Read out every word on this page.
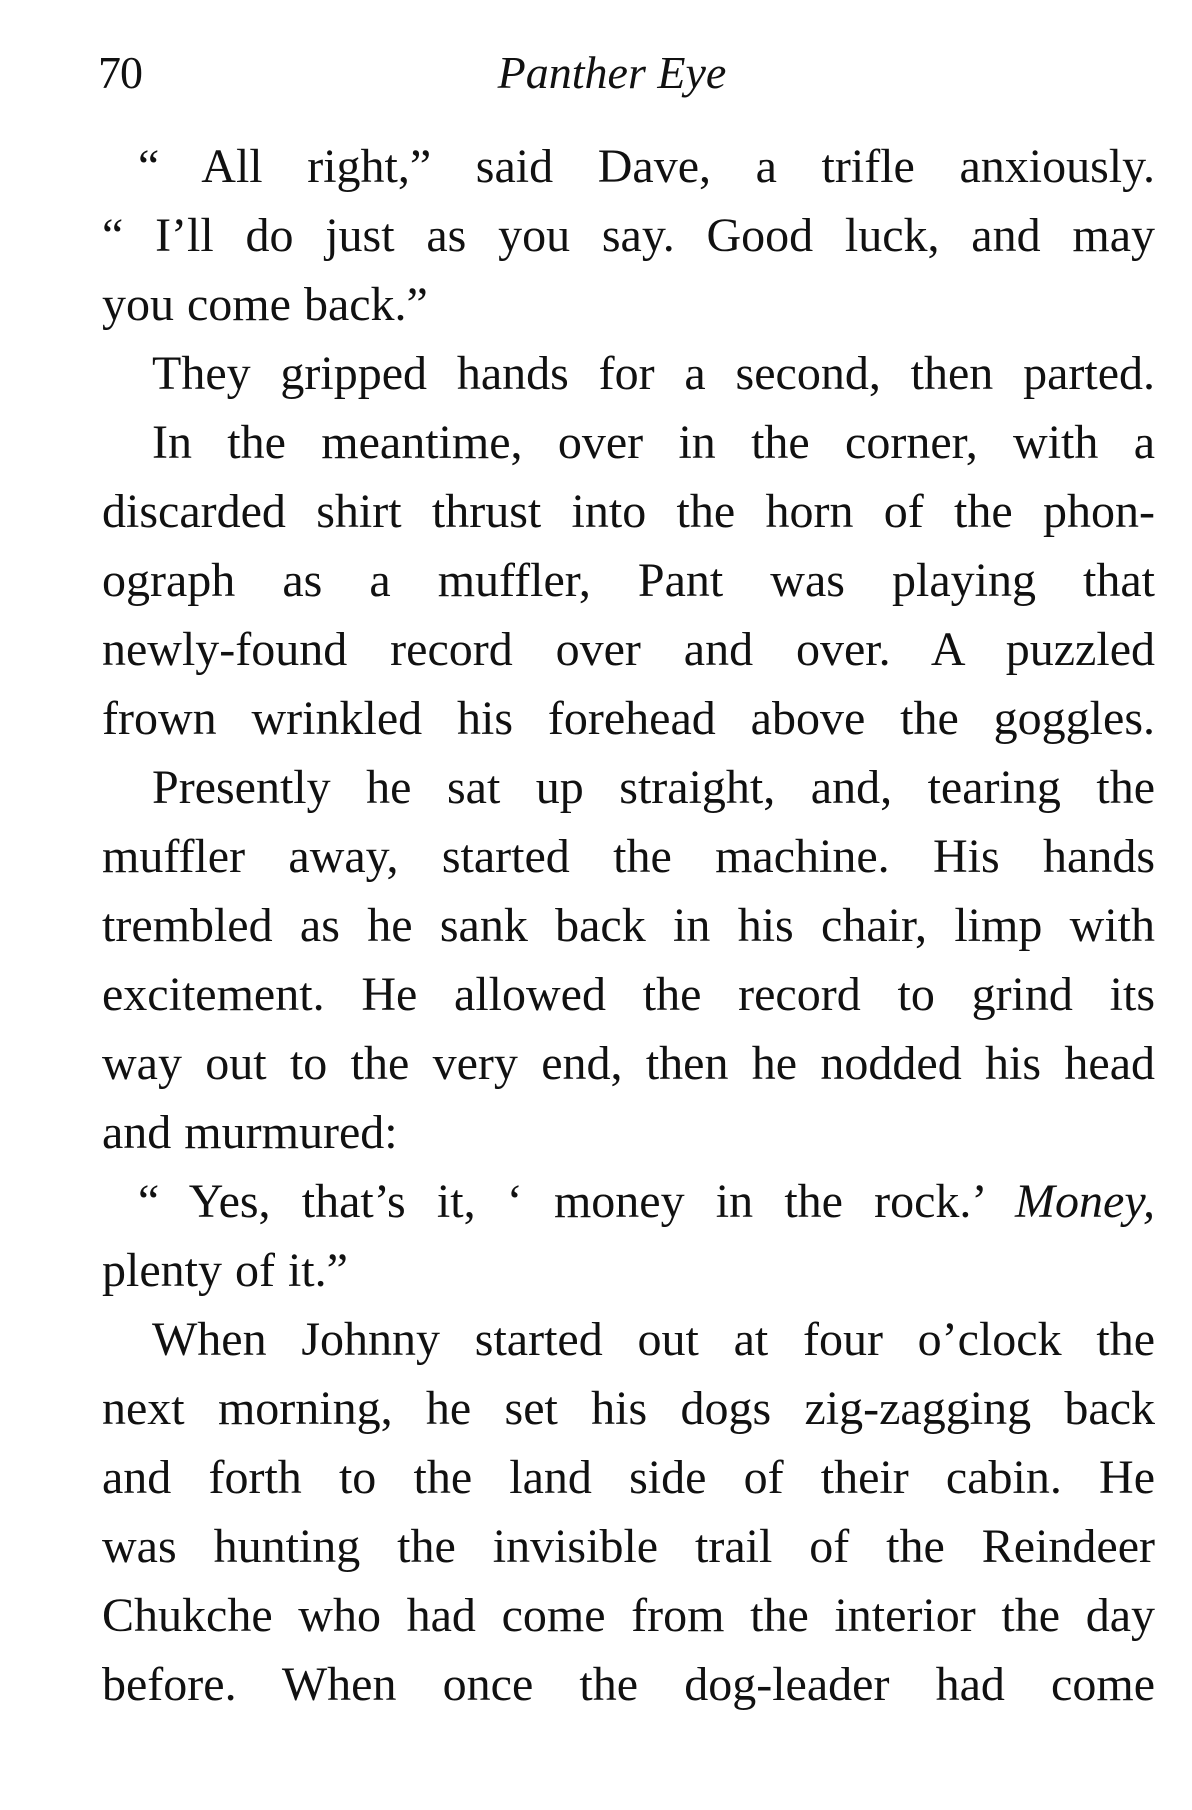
70	Panther Eye
“ All right,” said Dave, a trifle anxiously.
“ I’ll do just as you say. Good luck, and may
you come back.”
They gripped hands for a second, then parted.
In the meantime, over in the corner, with a
discarded shirt thrust into the horn of the phon-
ograph as a muffler, Pant was playing that
newly-found record over and over. A puzzled
frown wrinkled his forehead above the goggles.
Presently he sat up straight, and, tearing the
muffler away, started the machine. His hands
trembled as he sank back in his chair, limp with
excitement. He allowed the record to grind its
way out to the very end, then he nodded his head
and murmured:
“ Yes, that’s it, ‘ money in the rock.’ Money,
plenty of it.”
When Johnny started out at four o’clock the
next morning, he set his dogs zig-zagging back
and forth to the land side of their cabin. He
was hunting the invisible trail of the Reindeer
Chukche who had come from the interior the day
before. When once the dog-leader had come
